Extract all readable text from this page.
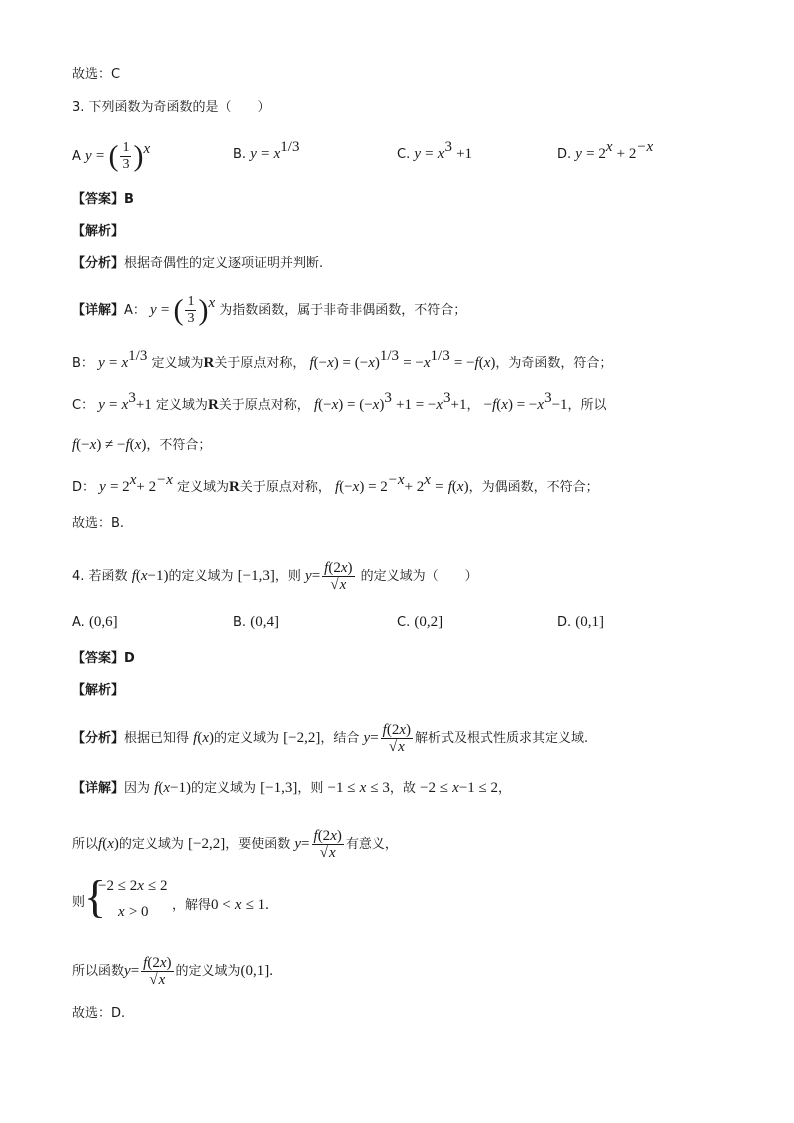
故选：C
3. 下列函数为奇函数的是（　　）
A y = ( $\frac{1}{3} )^x$	B. $y = x^{1/3}$	C. $y = x^3 +1$	D. $y = 2^x + 2^{-x}$
【答案】B
【解析】
【分析】根据奇偶性的定义逐项证明并判断.
【详解】A： y = ( $\frac{1}{3} )^x$ 为指数函数，属于非奇非偶函数，不符合；
B： $y = x^{1/3}$ 定义域为R关于原点对称， $f(-x) = (-x)^{1/3} = -x^{1/3} = -f(x)$，为奇函数，符合；
C： $y = x^3+1$ 定义域为R关于原点对称， $f(-x) = (-x)^3 +1 = -x^3+1$， $-f(x) = -x^3-1$，所以
f(−x) ≠ −f(x)，不符合；
D： $y = 2^x+ 2^{-x}$ 定义域为R关于原点对称， $f(-x) = 2^{-x}+ 2^x = f(x)$，为偶函数，不符合；
故选：B.
4. 若函数 f(x−1)的定义域为 [−1,3]，则 $y= \frac{f(2x)}{√x}$ 的定义域为（　　）
A. (0,6]	B. (0,4]	C. (0,2]	D. (0,1]
【答案】D
【解析】
【分析】根据已知得 f(x)的定义域为 [−2,2]，结合 $y= \frac{f(2x)}{√x}$ 解析式及根式性质求其定义域.
【详解】因为 f(x−1)的定义域为 [−1,3]，则 −1 ≤ x ≤ 3，故 −2 ≤ x−1 ≤ 2，
所以f(x)的定义域为 [−2,2]，要使函数 $y= \frac{f(2x)}{√x}$ 有意义，
则
{
−2 ≤ 2x ≤ 2
x > 0 ，解得0 < x ≤ 1.
所以函数$y= \frac{f(2x)}{√x}$ 的定义域为(0,1].
故选：D.
